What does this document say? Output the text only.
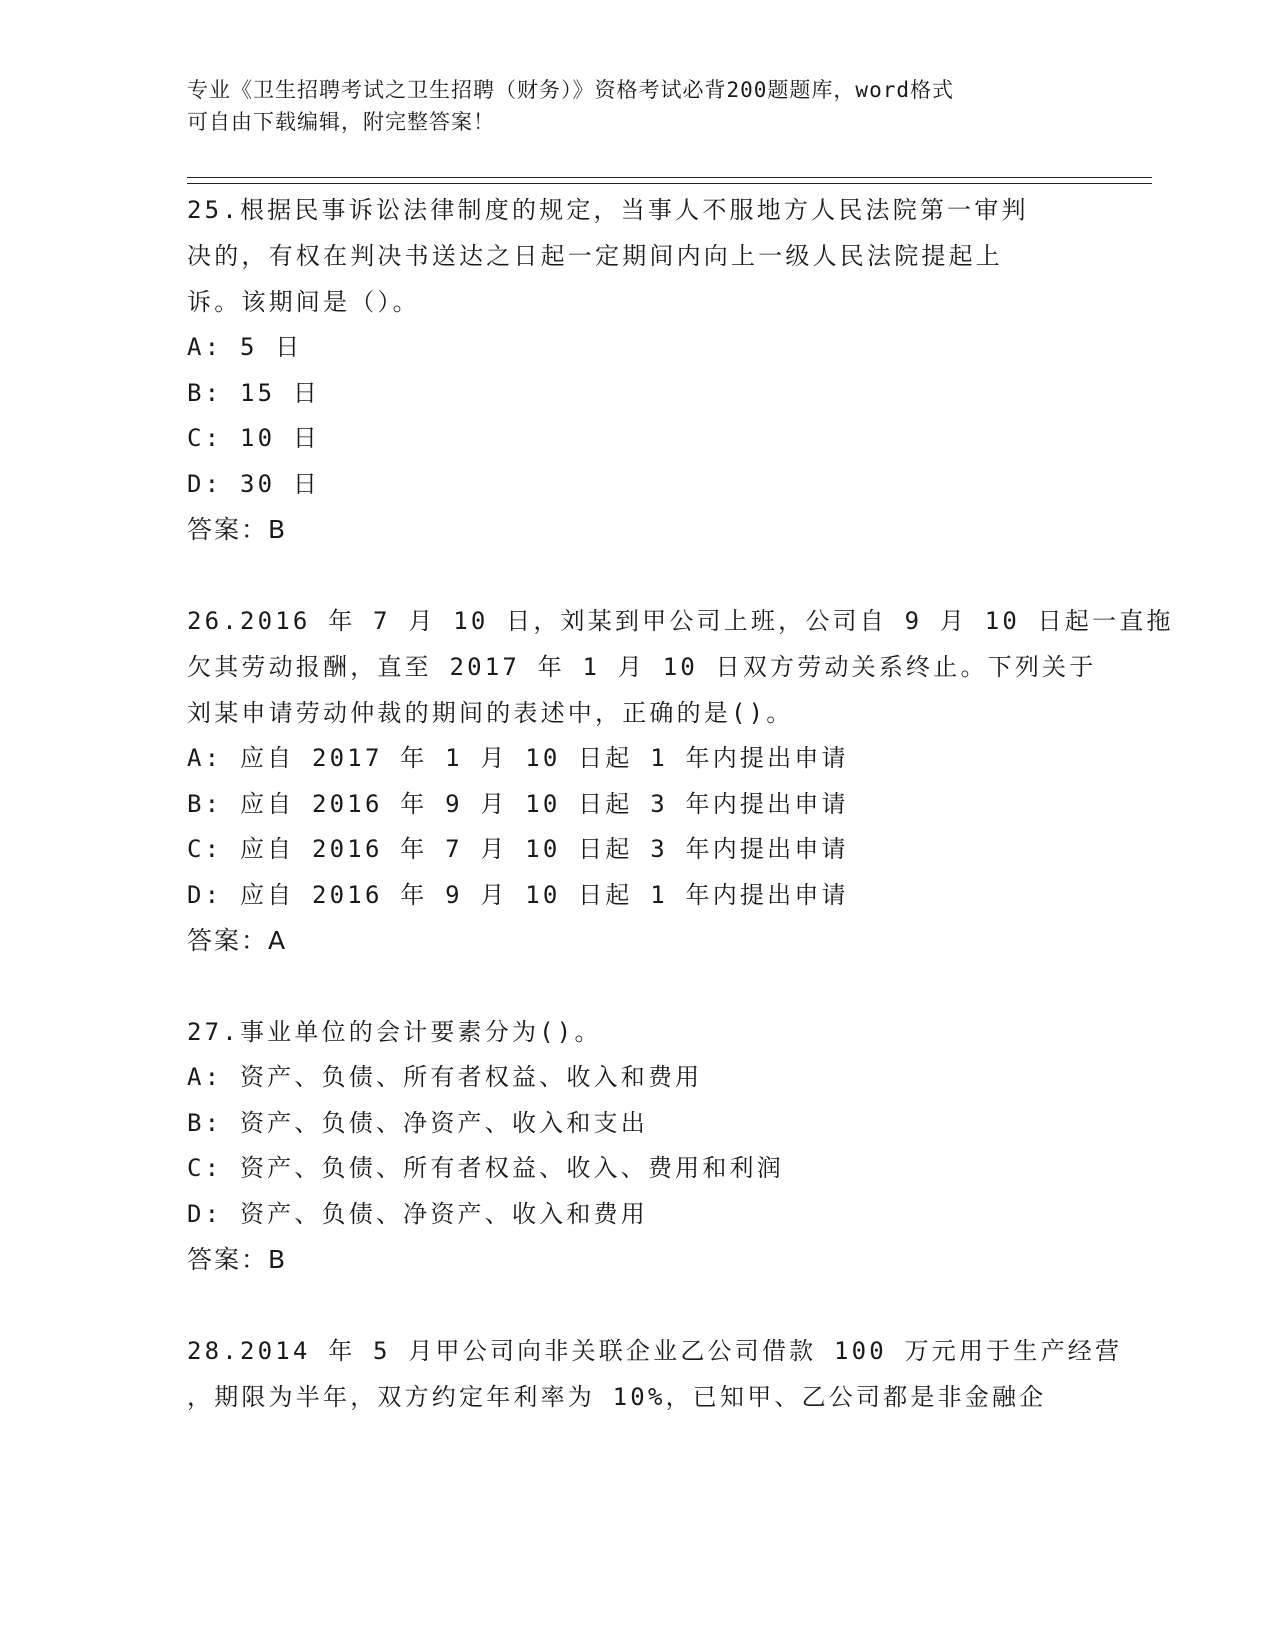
专业《卫生招聘考试之卫生招聘（财务）》资格考试必背200题题库，word格式
可自由下载编辑，附完整答案！
25.根据民事诉讼法律制度的规定，当事人不服地方人民法院第一审判
决的，有权在判决书送达之日起一定期间内向上一级人民法院提起上
诉。该期间是（）。
A: 5 日
B: 15 日
C: 10 日
D: 30 日
答案：B
26.2016 年 7 月 10 日，刘某到甲公司上班，公司自 9 月 10 日起一直拖
欠其劳动报酬，直至 2017 年 1 月 10 日双方劳动关系终止。下列关于
刘某申请劳动仲裁的期间的表述中，正确的是()。
A: 应自 2017 年 1 月 10 日起 1 年内提出申请
B: 应自 2016 年 9 月 10 日起 3 年内提出申请
C: 应自 2016 年 7 月 10 日起 3 年内提出申请
D: 应自 2016 年 9 月 10 日起 1 年内提出申请
答案：A
27.事业单位的会计要素分为()。
A: 资产、负债、所有者权益、收入和费用
B: 资产、负债、净资产、收入和支出
C: 资产、负债、所有者权益、收入、费用和利润
D: 资产、负债、净资产、收入和费用
答案：B
28.2014 年 5 月甲公司向非关联企业乙公司借款 100 万元用于生产经营
，期限为半年，双方约定年利率为 10%，已知甲、乙公司都是非金融企
